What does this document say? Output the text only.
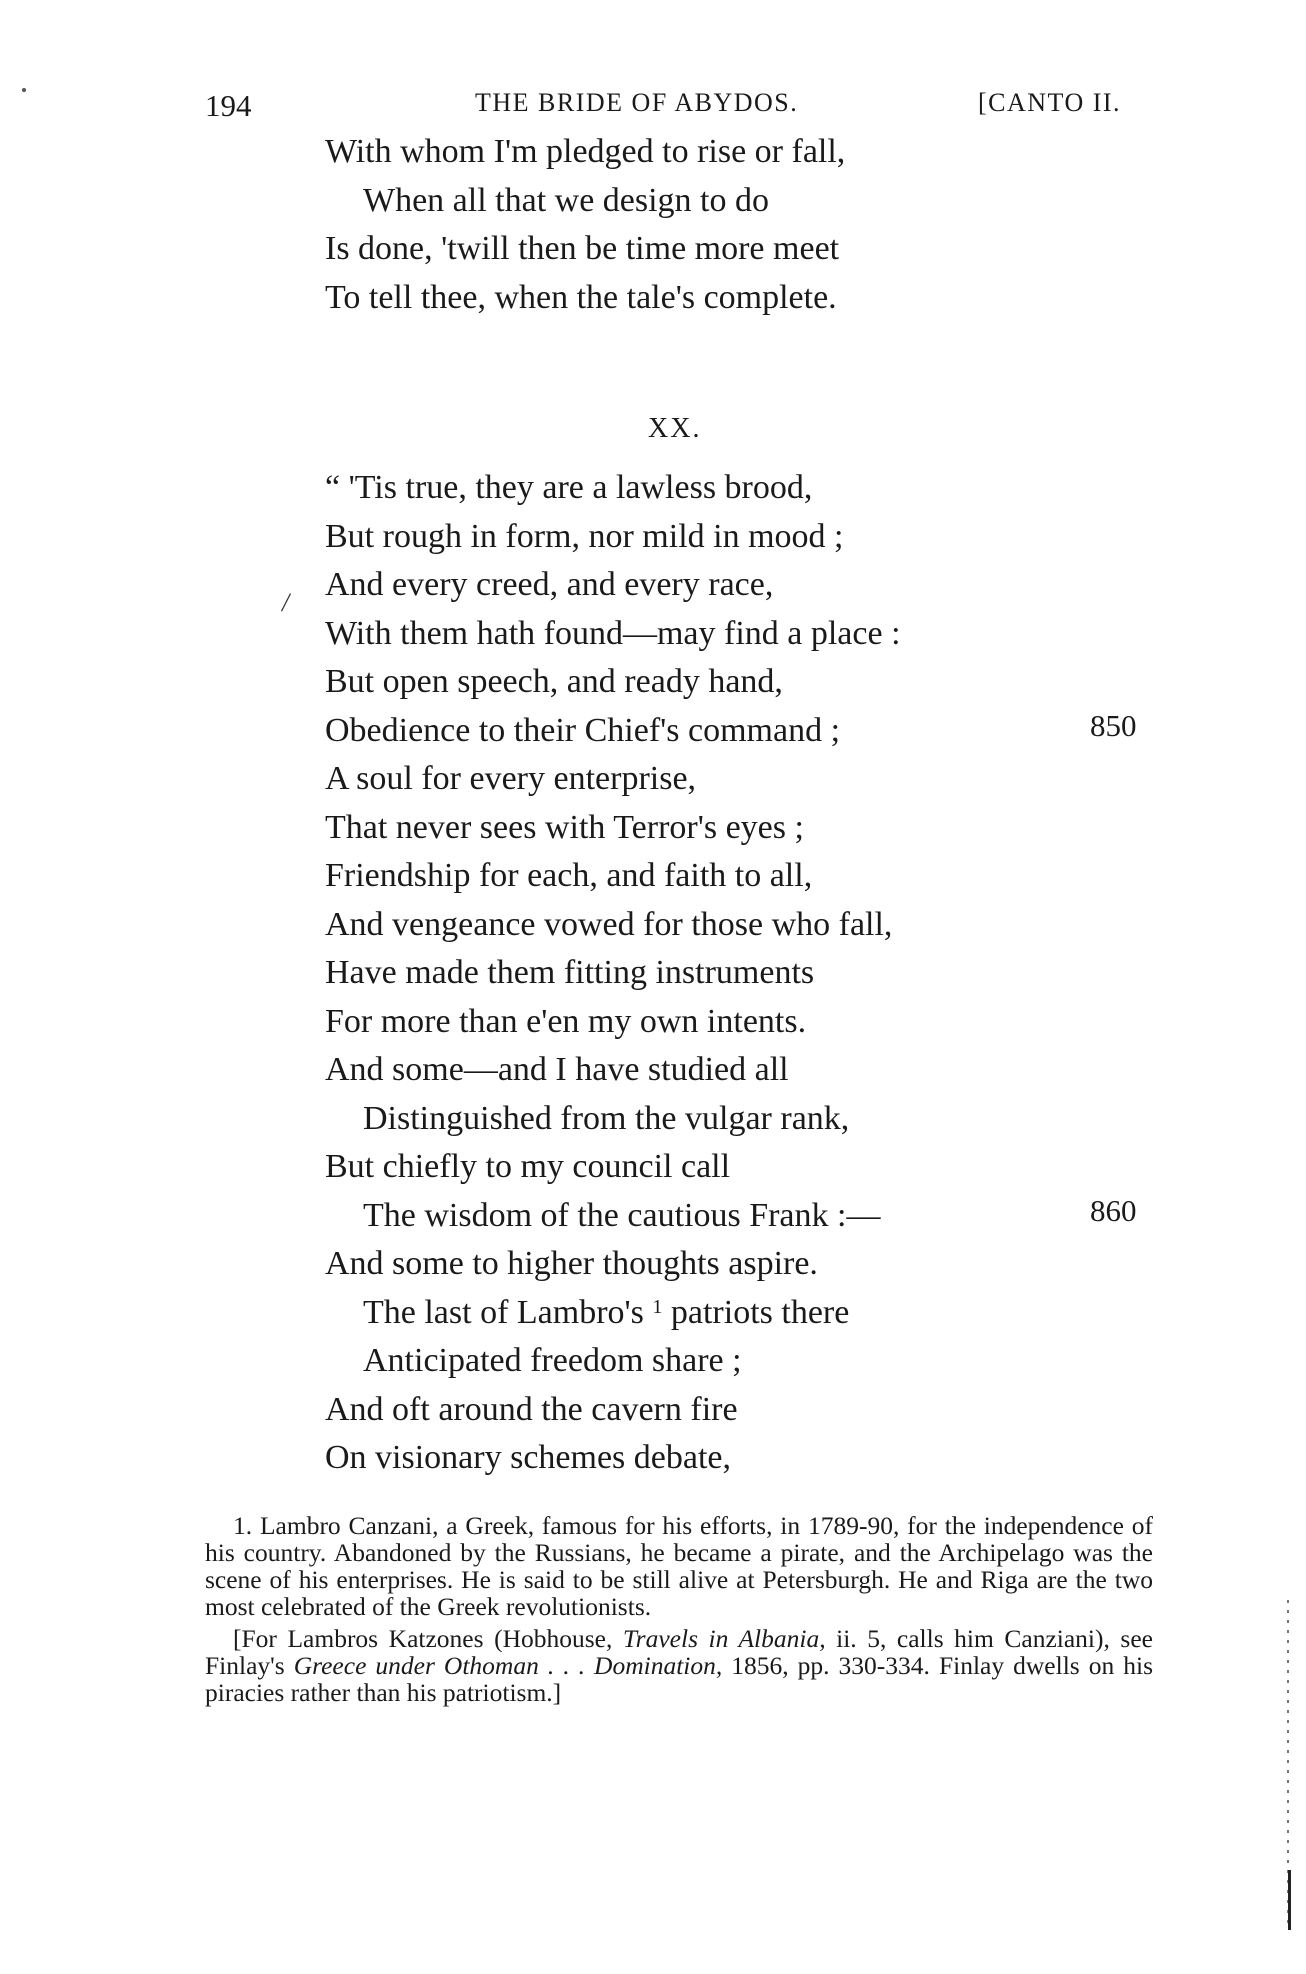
194	THE BRIDE OF ABYDOS.	[CANTO II.
With whom I'm pledged to rise or fall,
When all that we design to do
Is done, 'twill then be time more meet
To tell thee, when the tale's complete.
XX.
/
“ 'Tis true, they are a lawless brood,
But rough in form, nor mild in mood ;
And every creed, and every race,
With them hath found—may find a place :
But open speech, and ready hand,
Obedience to their Chief's command ;
A soul for every enterprise,
That never sees with Terror's eyes ;
Friendship for each, and faith to all,
And vengeance vowed for those who fall,
Have made them fitting instruments
For more than e'en my own intents.
And some—and I have studied all
Distinguished from the vulgar rank,
But chiefly to my council call
The wisdom of the cautious Frank :—
And some to higher thoughts aspire.
The last of Lambro's $^1$ patriots there
Anticipated freedom share ;
And oft around the cavern fire
On visionary schemes debate,
850
860

1. Lambro Canzani, a Greek, famous for his efforts, in 1789-90, for the independence of his country. Abandoned by the Russians, he became a pirate, and the Archipelago was the scene of his enterprises. He is said to be still alive at Petersburgh. He and Riga are the two most celebrated of the Greek revolutionists.

[For Lambros Katzones (Hobhouse, Travels in Albania, ii. 5, calls him Canziani), see Finlay's Greece under Othoman . . . Domination, 1856, pp. 330-334. Finlay dwells on his piracies rather than his patriotism.]
